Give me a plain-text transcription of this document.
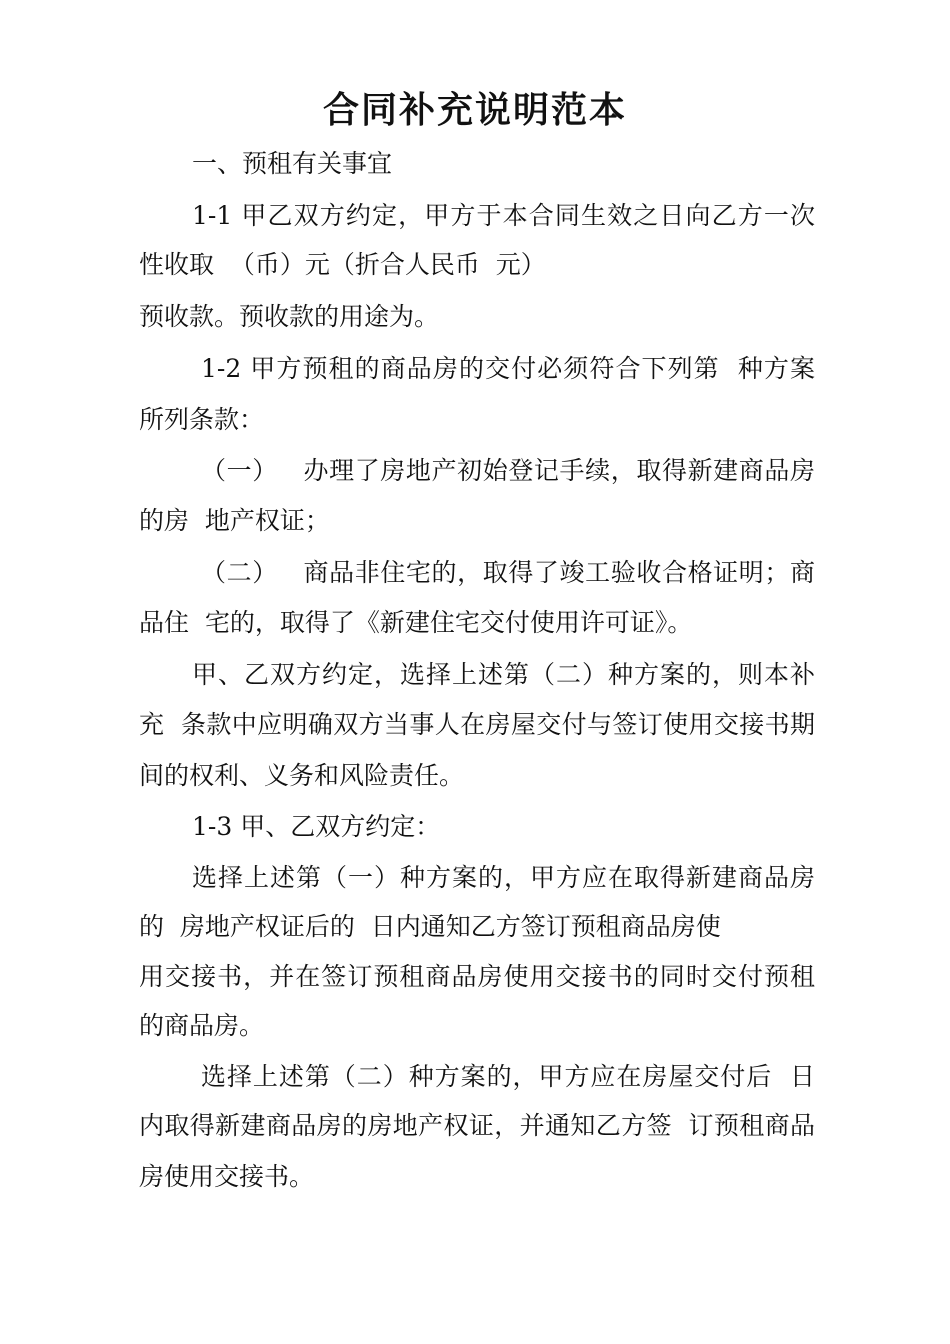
合同补充说明范本
一、预租有关事宜
1-1 甲乙双方约定，甲方于本合同生效之日向乙方一次
性收取  （币）元（折合人民币  元）
预收款。预收款的用途为。
1-2 甲方预租的商品房的交付必须符合下列第  种方案
所列条款：
（一）   办理了房地产初始登记手续，取得新建商品房
的房  地产权证；
（二）   商品非住宅的，取得了竣工验收合格证明；商
品住  宅的，取得了《新建住宅交付使用许可证》。
甲、乙双方约定，选择上述第（二）种方案的，则本补
充  条款中应明确双方当事人在房屋交付与签订使用交接书期
间的权利、义务和风险责任。
1-3 甲、乙双方约定：
选择上述第（一）种方案的，甲方应在取得新建商品房
的  房地产权证后的  日内通知乙方签订预租商品房使
用交接书，并在签订预租商品房使用交接书的同时交付预租
的商品房。
选择上述第（二）种方案的，甲方应在房屋交付后  日
内取得新建商品房的房地产权证，并通知乙方签  订预租商品
房使用交接书。
